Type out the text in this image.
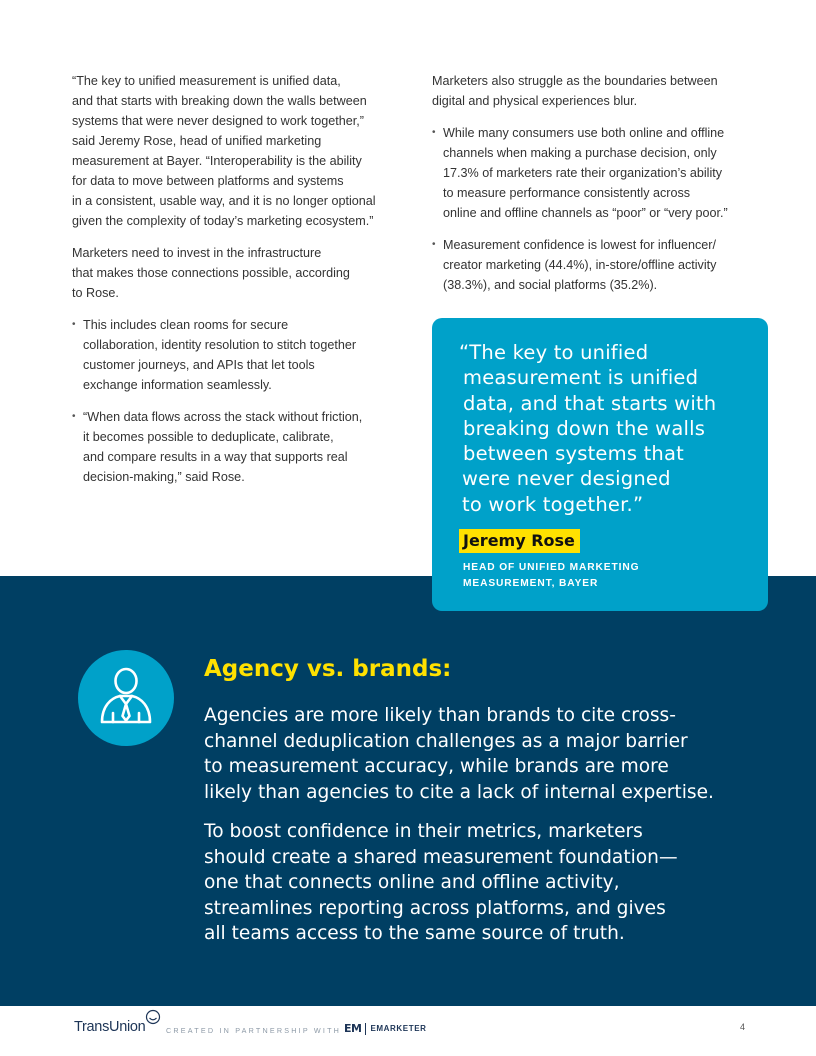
“The key to unified measurement is unified data,
and that starts with breaking down the walls between
systems that were never designed to work together,”
said Jeremy Rose, head of unified marketing
measurement at Bayer. “Interoperability is the ability
for data to move between platforms and systems
in a consistent, usable way, and it is no longer optional
given the complexity of today’s marketing ecosystem.”

Marketers need to invest in the infrastructure
that makes those connections possible, according
to Rose.

• This includes clean rooms for secure
collaboration, identity resolution to stitch together
customer journeys, and APIs that let tools
exchange information seamlessly.
• “When data flows across the stack without friction,
it becomes possible to deduplicate, calibrate,
and compare results in a way that supports real
decision-making,” said Rose.

Marketers also struggle as the boundaries between
digital and physical experiences blur.

• While many consumers use both online and offline
channels when making a purchase decision, only
17.3% of marketers rate their organization’s ability
to measure performance consistently across
online and offline channels as “poor” or “very poor.”
• Measurement confidence is lowest for influencer/
creator marketing (44.4%), in-store/offline activity
(38.3%), and social platforms (35.2%).
“The key to unified
measurement is unified
data, and that starts with
breaking down the walls
between systems that
were never designed
to work together.”
Jeremy Rose
HEAD OF UNIFIED MARKETING
MEASUREMENT, BAYER
Agency vs. brands:

Agencies are more likely than brands to cite cross-
channel deduplication challenges as a major barrier
to measurement accuracy, while brands are more
likely than agencies to cite a lack of internal expertise.

To boost confidence in their metrics, marketers
should create a shared measurement foundation—
one that connects online and offline activity,
streamlines reporting across platforms, and gives
all teams access to the same source of truth.

TransUnion	CREATED IN PARTNERSHIP WITH EM EMARKETER	4
